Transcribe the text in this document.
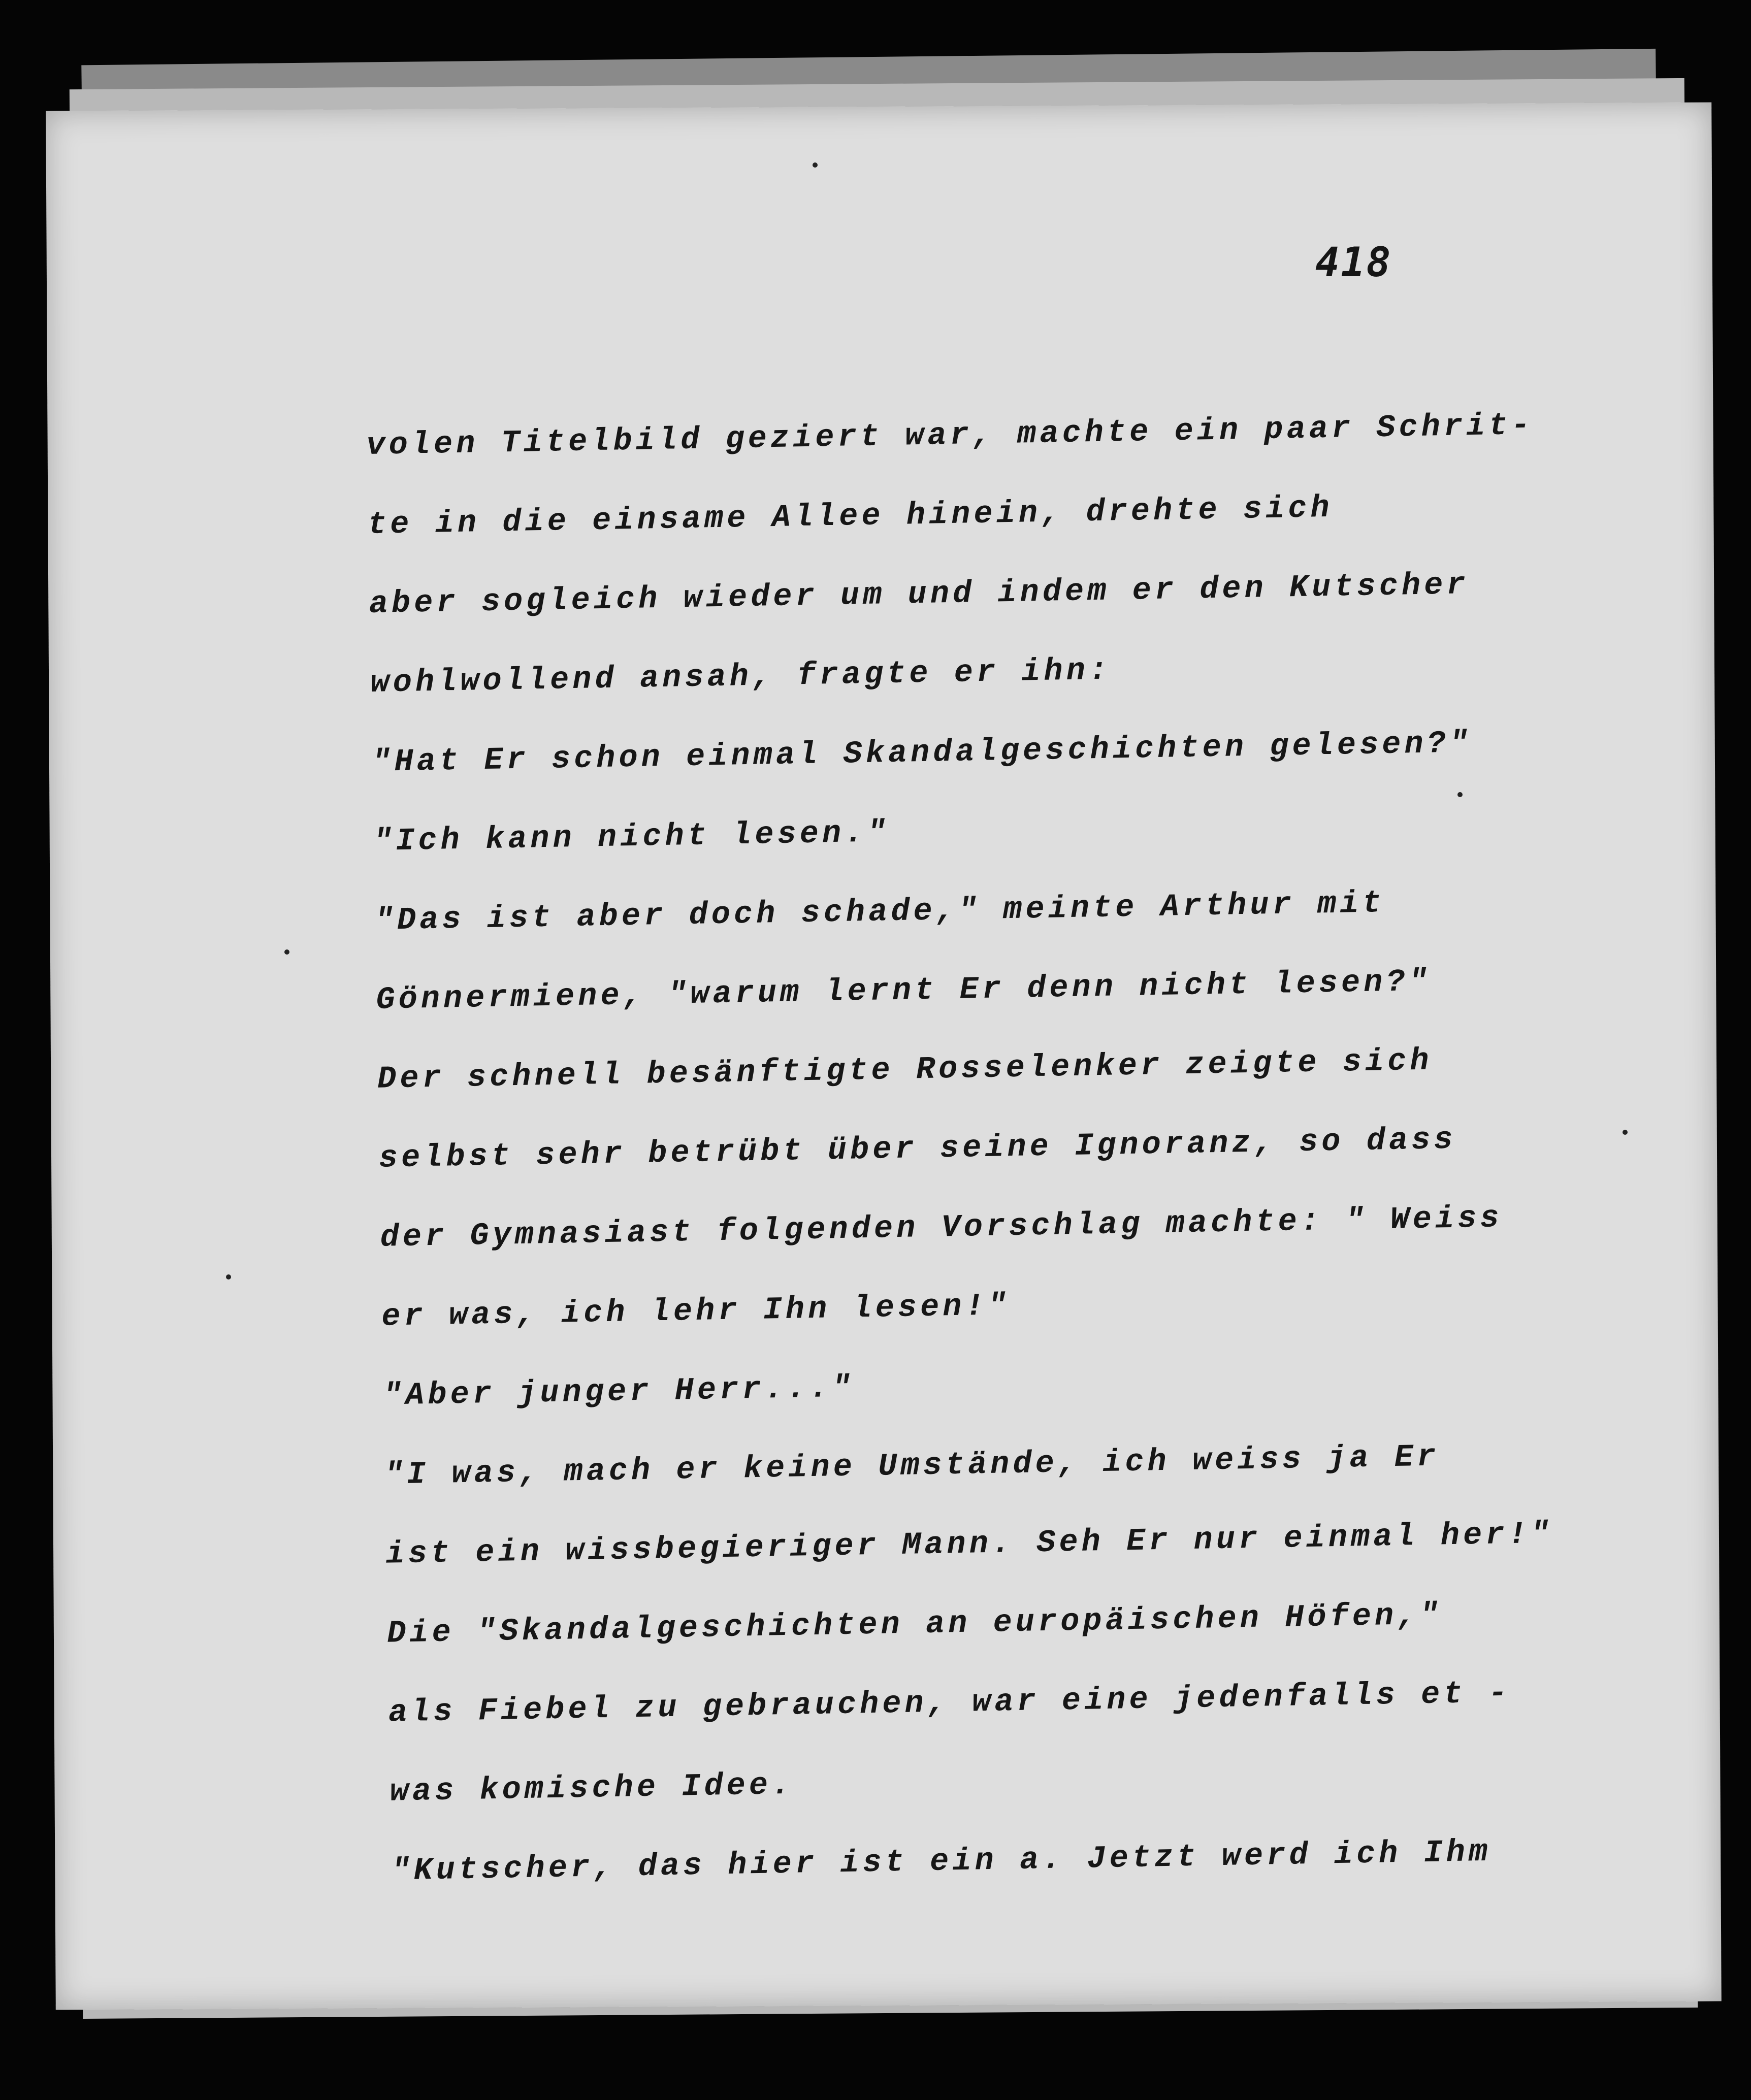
418
volen Titelbild geziert war, machte ein paar Schrit-
te in die einsame Allee hinein, drehte sich
aber sogleich wieder um und indem er den Kutscher
wohlwollend ansah, fragte er ihn:
"Hat Er schon einmal Skandalgeschichten gelesen?"
"Ich kann nicht lesen."
"Das ist aber doch schade," meinte Arthur mit
Gönnermiene, "warum lernt Er denn nicht lesen?"
Der schnell besänftigte Rosselenker zeigte sich
selbst sehr betrübt über seine Ignoranz, so dass
der Gymnasiast folgenden Vorschlag machte: " Weiss
er was, ich lehr Ihn lesen!"
"Aber junger Herr..."
"I was, mach er keine Umstände, ich weiss ja Er
ist ein wissbegieriger Mann. Seh Er nur einmal her!"
Die "Skandalgeschichten an europäischen Höfen,"
als Fiebel zu gebrauchen, war eine jedenfalls et -
was komische Idee.
"Kutscher, das hier ist ein a. Jetzt werd ich Ihm
